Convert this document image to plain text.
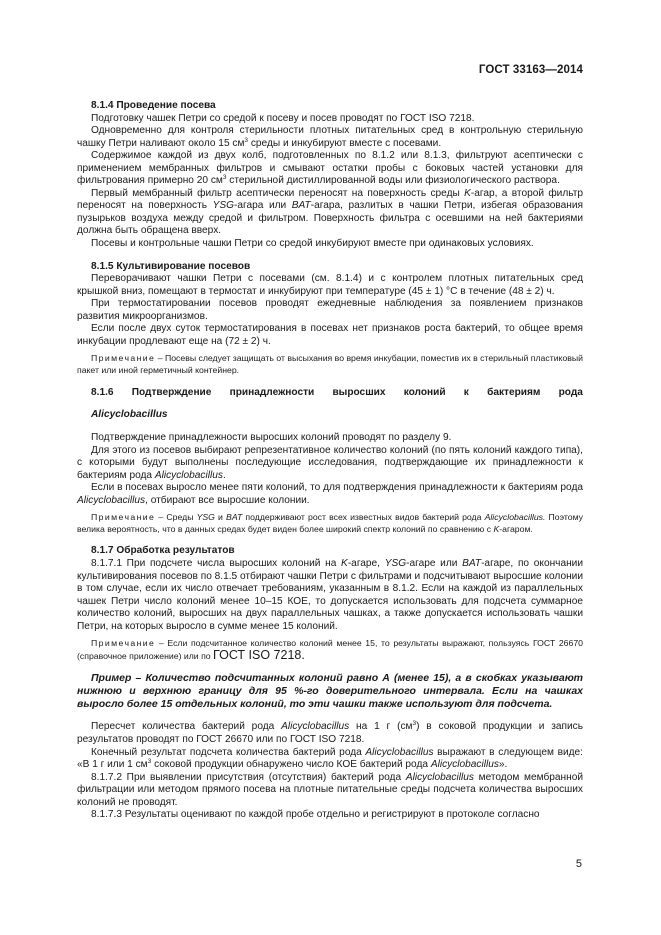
ГОСТ 33163—2014

8.1.4 Проведение посева

Подготовку чашек Петри со средой к посеву и посев проводят по ГОСТ ISO 7218.

Одновременно для контроля стерильности плотных питательных сред в контрольную стерильную чашку Петри наливают около 15 $см^3$ среды и инкубируют вместе с посевами.

Содержимое каждой из двух колб, подготовленных по 8.1.2 или 8.1.3, фильтруют асептически с применением мембранных фильтров и смывают остатки пробы с боковых частей установки для фильтрования примерно 20 $см^3$ стерильной дистиллированной воды или физиологического раствора.

Первый мембранный фильтр асептически переносят на поверхность среды K-агар, а второй фильтр переносят на поверхность YSG-агара или BAT-агара, разлитых в чашки Петри, избегая образования пузырьков воздуха между средой и фильтром. Поверхность фильтра с осевшими на ней бактериями должна быть обращена вверх.

Посевы и контрольные чашки Петри со средой инкубируют вместе при одинаковых условиях.

8.1.5 Культивирование посевов

Переворачивают чашки Петри с посевами (см. 8.1.4) и с контролем плотных питательных сред крышкой вниз, помещают в термостат и инкубируют при температуре (45 ± 1) °С в течение (48 ± 2) ч.

При термостатировании посевов проводят ежедневные наблюдения за появлением признаков развития микроорганизмов.

Если после двух суток термостатирования в посевах нет признаков роста бактерий, то общее время инкубации продлевают еще на (72 ± 2) ч.

Примечание – Посевы следует защищать от высыхания во время инкубации, поместив их в стерильный пластиковый пакет или иной герметичный контейнер.

8.1.6 Подтверждение принадлежности выросших колоний к бактериям рода

Alicyclobacillus

Подтверждение принадлежности выросших колоний проводят по разделу 9.

Для этого из посевов выбирают репрезентативное количество колоний (по пять колоний каждого типа), с которыми будут выполнены последующие исследования, подтверждающие их принадлежности к бактериям рода Alicyclobacillus.

Если в посевах выросло менее пяти колоний, то для подтверждения принадлежности к бактериям рода Alicyclobacillus, отбирают все выросшие колонии.

Примечание – Среды YSG и BAT поддерживают рост всех известных видов бактерий рода Alicyclobacillus. Поэтому велика вероятность, что в данных средах будет виден более широкий спектр колоний по сравнению с K-агаром.

8.1.7 Обработка результатов

8.1.7.1 При подсчете числа выросших колоний на K-агаре, YSG-агаре или BAT-агаре, по окончании культивирования посевов по 8.1.5 отбирают чашки Петри с фильтрами и подсчитывают выросшие колонии в том случае, если их число отвечает требованиям, указанным в 8.1.2. Если на каждой из параллельных чашек Петри число колоний менее 10–15 КОЕ, то допускается использовать для подсчета суммарное количество колоний, выросших на двух параллельных чашках, а также допускается использовать чашки Петри, на которых выросло в сумме менее 15 колоний.

Примечание – Если подсчитанное количество колоний менее 15, то результаты выражают, пользуясь ГОСТ 26670 (справочное приложение) или по ГОСТ ISO 7218.

Пример – Количество подсчитанных колоний равно А (менее 15), а в скобках указывают нижнюю и верхнюю границу для 95 %-го доверительного интервала. Если на чашках выросло более 15 отдельных колоний, то эти чашки также используют для подсчета.

Пересчет количества бактерий рода Alicyclobacillus на 1 г $(см^3)$ в соковой продукции и запись результатов проводят по ГОСТ 26670 или по ГОСТ ISO 7218.

Конечный результат подсчета количества бактерий рода Alicyclobacillus выражают в следующем виде: «В 1 г или 1 $см^3$ соковой продукции обнаружено число КОЕ бактерий рода Alicyclobacillus».

8.1.7.2 При выявлении присутствия (отсутствия) бактерий рода Alicyclobacillus методом мембранной фильтрации или методом прямого посева на плотные питательные среды подсчета количества выросших колоний не проводят.

8.1.7.3 Результаты оценивают по каждой пробе отдельно и регистрируют в протоколе согласно

5
